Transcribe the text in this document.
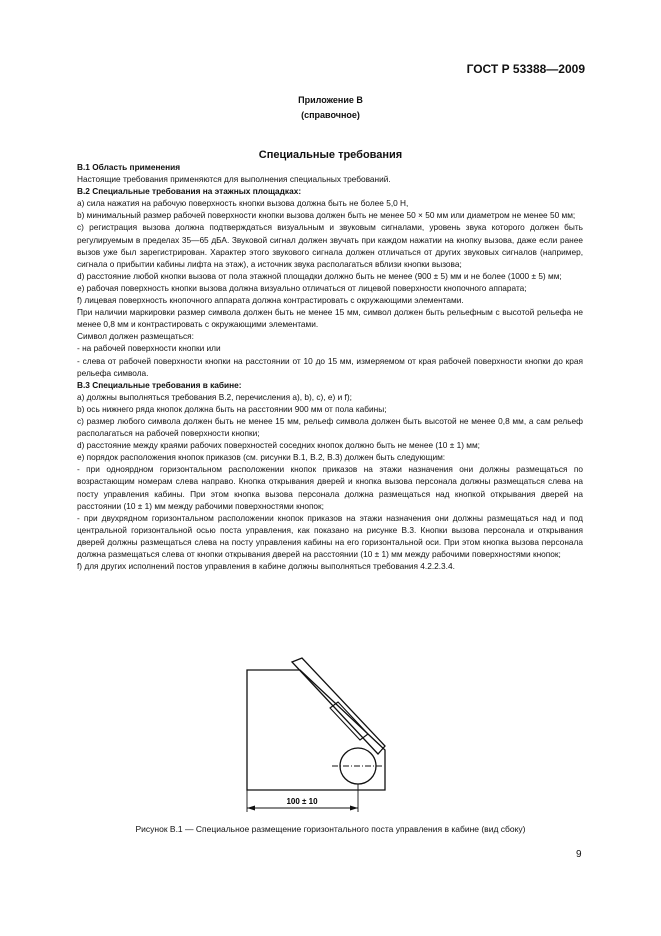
ГОСТ Р 53388—2009
Приложение В
(справочное)
Специальные требования

В.1 Область применения

Настоящие требования применяются для выполнения специальных требований.

В.2 Специальные требования на этажных площадках:

а) сила нажатия на рабочую поверхность кнопки вызова должна быть не более 5,0 Н,

b) минимальный размер рабочей поверхности кнопки вызова должен быть не менее 50 × 50 мм или диаметром не менее 50 мм;

c) регистрация вызова должна подтверждаться визуальным и звуковым сигналами, уровень звука которого должен быть регулируемым в пределах 35—65 дБА. Звуковой сигнал должен звучать при каждом нажатии на кнопку вызова, даже если ранее вызов уже был зарегистрирован. Характер этого звукового сигнала должен отличаться от других звуковых сигналов (например, сигнала о прибытии кабины лифта на этаж), а источник звука располагаться вблизи кнопки вызова;

d) расстояние любой кнопки вызова от пола этажной площадки должно быть не менее (900 ± 5) мм и не более (1000 ± 5) мм;

e) рабочая поверхность кнопки вызова должна визуально отличаться от лицевой поверхности кнопочного аппарата;

f) лицевая поверхность кнопочного аппарата должна контрастировать с окружающими элементами.

При наличии маркировки размер символа должен быть не менее 15 мм, символ должен быть рельефным с высотой рельефа не менее 0,8 мм и контрастировать с окружающими элементами.

Символ должен размещаться:

- на рабочей поверхности кнопки или

- слева от рабочей поверхности кнопки на расстоянии от 10 до 15 мм, измеряемом от края рабочей поверхности кнопки до края рельефа символа.

В.3 Специальные требования в кабине:

а) должны выполняться требования В.2, перечисления а), b), c), e) и f);

b) ось нижнего ряда кнопок должна быть на расстоянии 900 мм от пола кабины;

c) размер любого символа должен быть не менее 15 мм, рельеф символа должен быть высотой не менее 0,8 мм, а сам рельеф располагаться на рабочей поверхности кнопки;

d) расстояние между краями рабочих поверхностей соседних кнопок должно быть не менее (10 ± 1) мм;

e) порядок расположения кнопок приказов (см. рисунки В.1, В.2, В.3) должен быть следующим:

- при одноярдном горизонтальном расположении кнопок приказов на этажи назначения они должны размещаться по возрастающим номерам слева направо. Кнопка открывания дверей и кнопка вызова персонала должны размещаться слева на посту управления кабины. При этом кнопка вызова персонала должна размещаться над кнопкой открывания дверей на расстоянии (10 ± 1) мм между рабочими поверхностями кнопок;

- при двухрядном горизонтальном расположении кнопок приказов на этажи назначения они должны размещаться над и под центральной горизонтальной осью поста управления, как показано на рисунке В.3. Кнопки вызова персонала и открывания дверей должны размещаться слева на посту управления кабины на его горизонтальной оси. При этом кнопка вызова персонала должна размещаться слева от кнопки открывания дверей на расстоянии (10 ± 1) мм между рабочими поверхностями кнопок;

f) для других исполнений постов управления в кабине должны выполняться требования 4.2.2.3.4.

100 ± 10
Рисунок В.1 — Специальное размещение горизонтального поста управления в кабине (вид сбоку)
9
